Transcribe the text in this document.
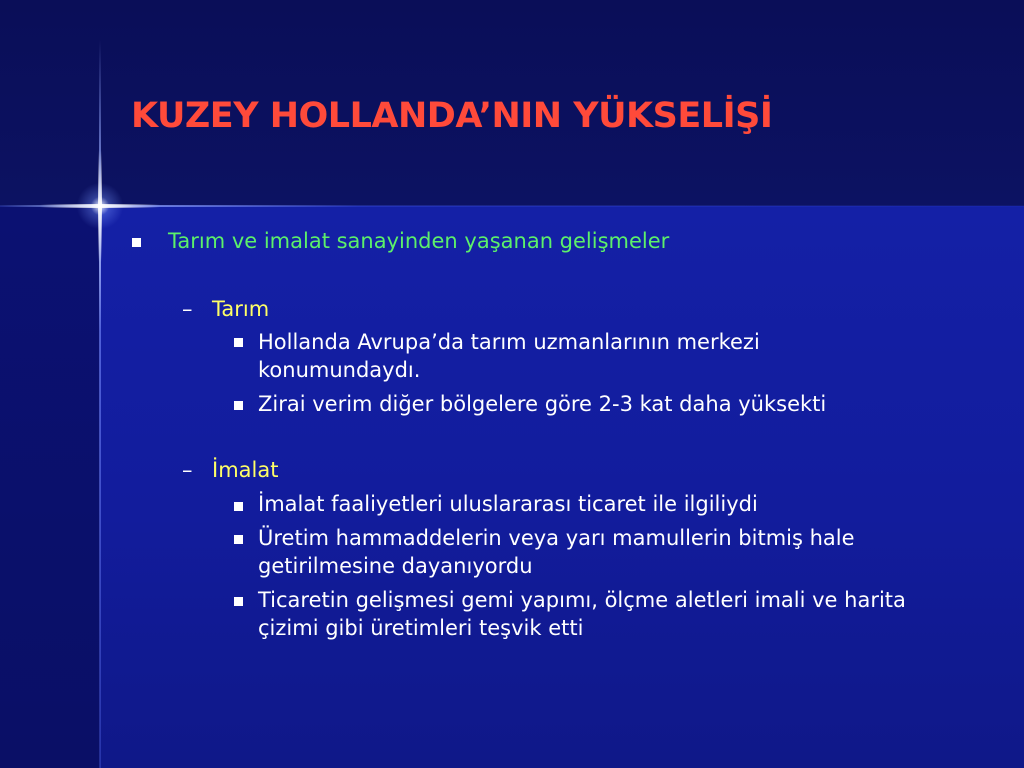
KUZEY HOLLANDA’NIN YÜKSELİŞİ
Tarım ve imalat sanayinden yaşanan gelişmeler
– Tarım
Hollanda Avrupa’da tarım uzmanlarının merkezi
konumundaydı.
Zirai verim diğer bölgelere göre 2-3 kat daha yüksekti
– İmalat
İmalat faaliyetleri uluslararası ticaret ile ilgiliydi
Üretim hammaddelerin veya yarı mamullerin bitmiş hale
getirilmesine dayanıyordu
Ticaretin gelişmesi gemi yapımı, ölçme aletleri imali ve harita
çizimi gibi üretimleri teşvik etti
